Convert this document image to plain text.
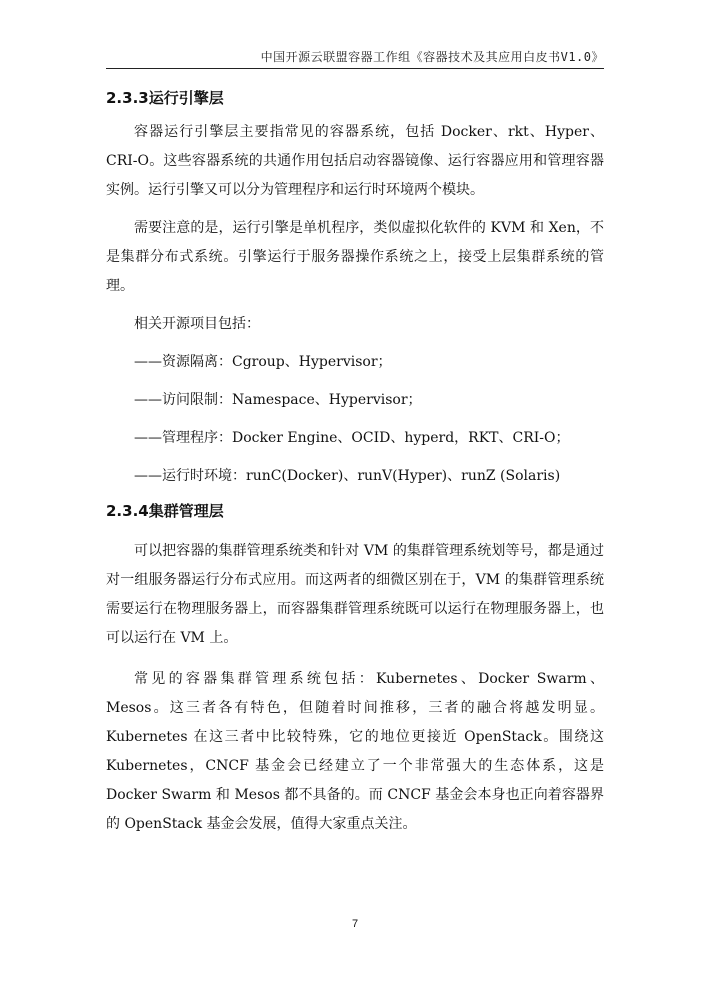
中国开源云联盟容器工作组《容器技术及其应用白皮书V1.0》
2.3.3运行引擎层

容器运行引擎层主要指常见的容器系统，包括 Docker、rkt、Hyper、CRI-O。这些容器系统的共通作用包括启动容器镜像、运行容器应用和管理容器实例。运行引擎又可以分为管理程序和运行时环境两个模块。

需要注意的是，运行引擎是单机程序，类似虚拟化软件的 KVM 和 Xen，不是集群分布式系统。引擎运行于服务器操作系统之上，接受上层集群系统的管理。

相关开源项目包括：

——资源隔离：Cgroup、Hypervisor；

——访问限制：Namespace、Hypervisor；

——管理程序：Docker Engine、OCID、hyperd，RKT、CRI-O；

——运行时环境：runC(Docker)、runV(Hyper)、runZ (Solaris)

2.3.4集群管理层

可以把容器的集群管理系统类和针对 VM 的集群管理系统划等号，都是通过对一组服务器运行分布式应用。而这两者的细微区别在于，VM 的集群管理系统需要运行在物理服务器上，而容器集群管理系统既可以运行在物理服务器上，也可以运行在 VM 上。

常见的容器集群管理系统包括：Kubernetes、Docker Swarm、Mesos。这三者各有特色，但随着时间推移，三者的融合将越发明显。Kubernetes 在这三者中比较特殊，它的地位更接近 OpenStack。围绕这 Kubernetes，CNCF 基金会已经建立了一个非常强大的生态体系，这是 Docker Swarm 和 Mesos 都不具备的。而 CNCF 基金会本身也正向着容器界的 OpenStack 基金会发展，值得大家重点关注。

7
